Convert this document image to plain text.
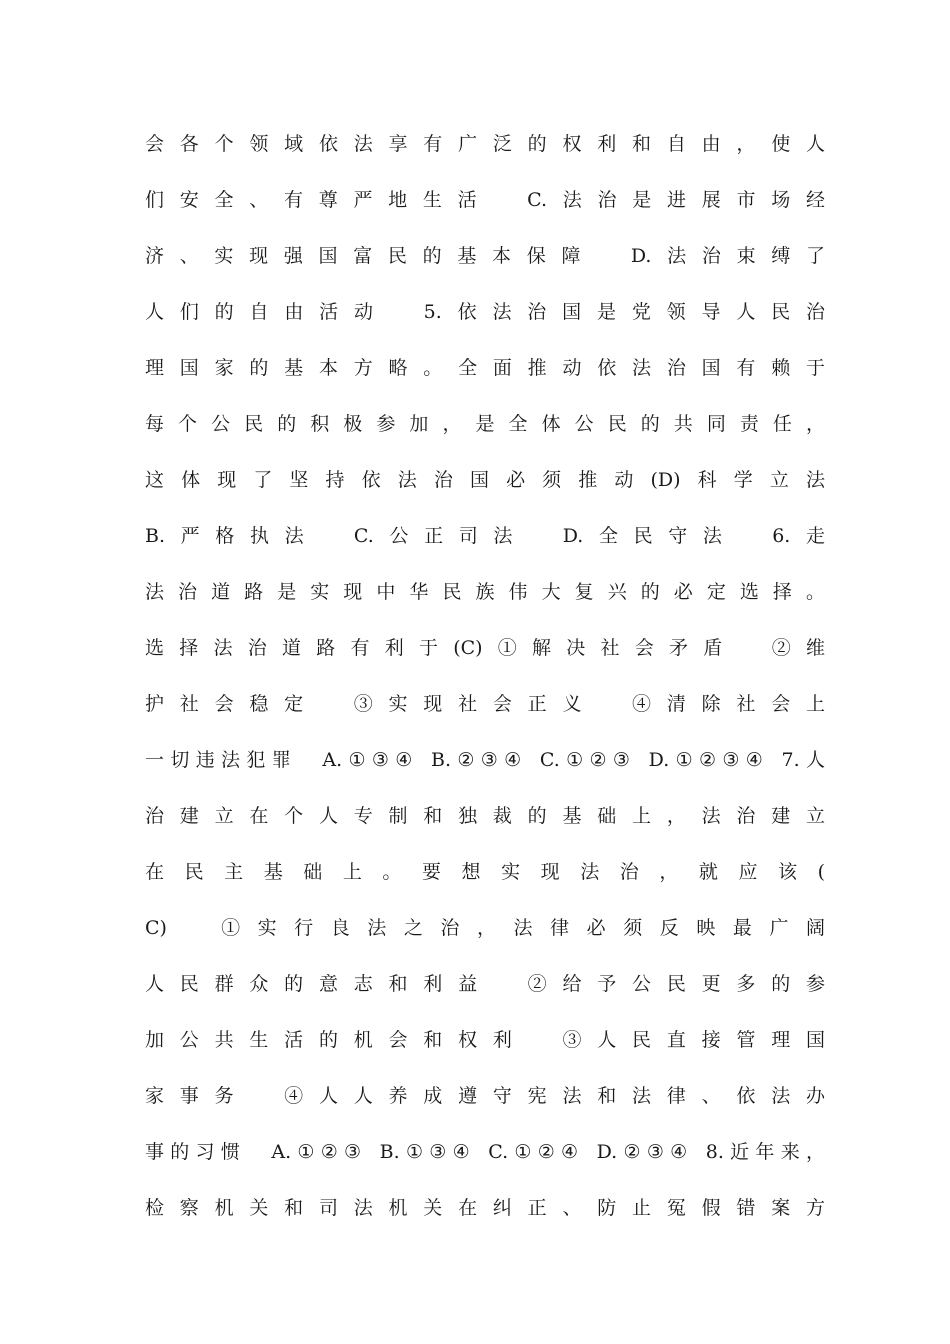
会各个领域依法享有广泛的权利和自由，使人
们安全、有尊严地生活　C.法治是进展市场经
济、实现强国富民的基本保障　D.法治束缚了
人们的自由活动　5.依法治国是党领导人民治
理国家的基本方略。全面推动依法治国有赖于
每个公民的积极参加，是全体公民的共同责任，
这体现了坚持依法治国必须推动(D)科学立法
B.严格执法　C.公正司法　D.全民守法　6.走
法治道路是实现中华民族伟大复兴的必定选择。
选择法治道路有利于(C)①解决社会矛盾　②维
护社会稳定　③实现社会正义　④清除社会上
一切违法犯罪　A.①③④ B.②③④ C.①②③ D.①②③④ 7.人
治建立在个人专制和独裁的基础上，法治建立
在民主基础上。要想实现法治，就应该(
C)　①实行良法之治，法律必须反映最广阔
人民群众的意志和利益　②给予公民更多的参
加公共生活的机会和权利　③人民直接管理国
家事务　④人人养成遵守宪法和法律、依法办
事的习惯　A.①②③ B.①③④ C.①②④ D.②③④ 8.近年来，
检察机关和司法机关在纠正、防止冤假错案方
